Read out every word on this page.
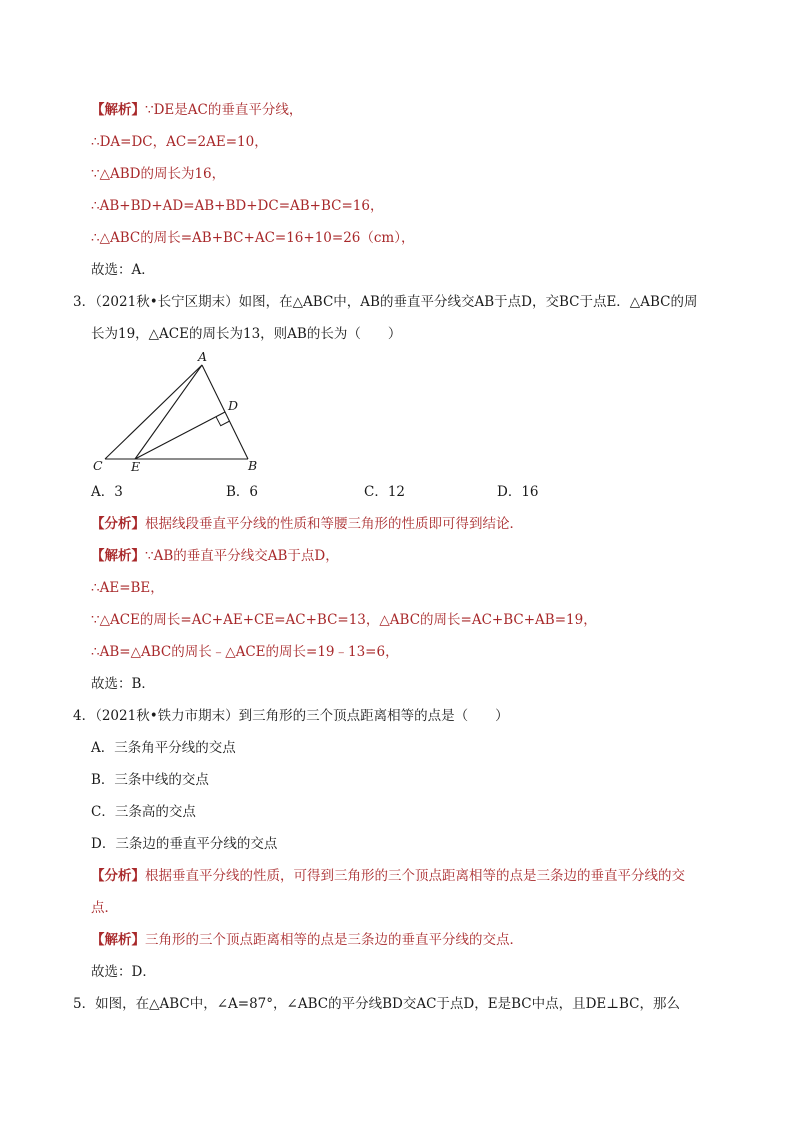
【解析】∵DE是AC的垂直平分线，
∴DA=DC，AC=2AE=10，
∵△ABD的周长为16，
∴AB+BD+AD=AB+BD+DC=AB+BC=16，
∴△ABC的周长=AB+BC+AC=16+10=26（cm），
故选：A．
3．（2021秋•长宁区期末）如图，在△ABC中，AB的垂直平分线交AB于点D，交BC于点E．△ABC的周
长为19，△ACE的周长为13，则AB的长为（　　）
A
D
C E	B
A．3	B．6	C．12	D．16
【分析】根据线段垂直平分线的性质和等腰三角形的性质即可得到结论．
【解析】∵AB的垂直平分线交AB于点D，
∴AE=BE，
∵△ACE的周长=AC+AE+CE=AC+BC=13，△ABC的周长=AC+BC+AB=19，
∴AB=△ABC的周长﹣△ACE的周长=19﹣13=6，
故选：B．
4．（2021秋•铁力市期末）到三角形的三个顶点距离相等的点是（　　）
A．三条角平分线的交点
B．三条中线的交点
C．三条高的交点
D．三条边的垂直平分线的交点
【分析】根据垂直平分线的性质，可得到三角形的三个顶点距离相等的点是三条边的垂直平分线的交
点．
【解析】三角形的三个顶点距离相等的点是三条边的垂直平分线的交点．
故选：D．
5．如图，在△ABC中，∠A=87°，∠ABC的平分线BD交AC于点D，E是BC中点，且DE⊥BC，那么
